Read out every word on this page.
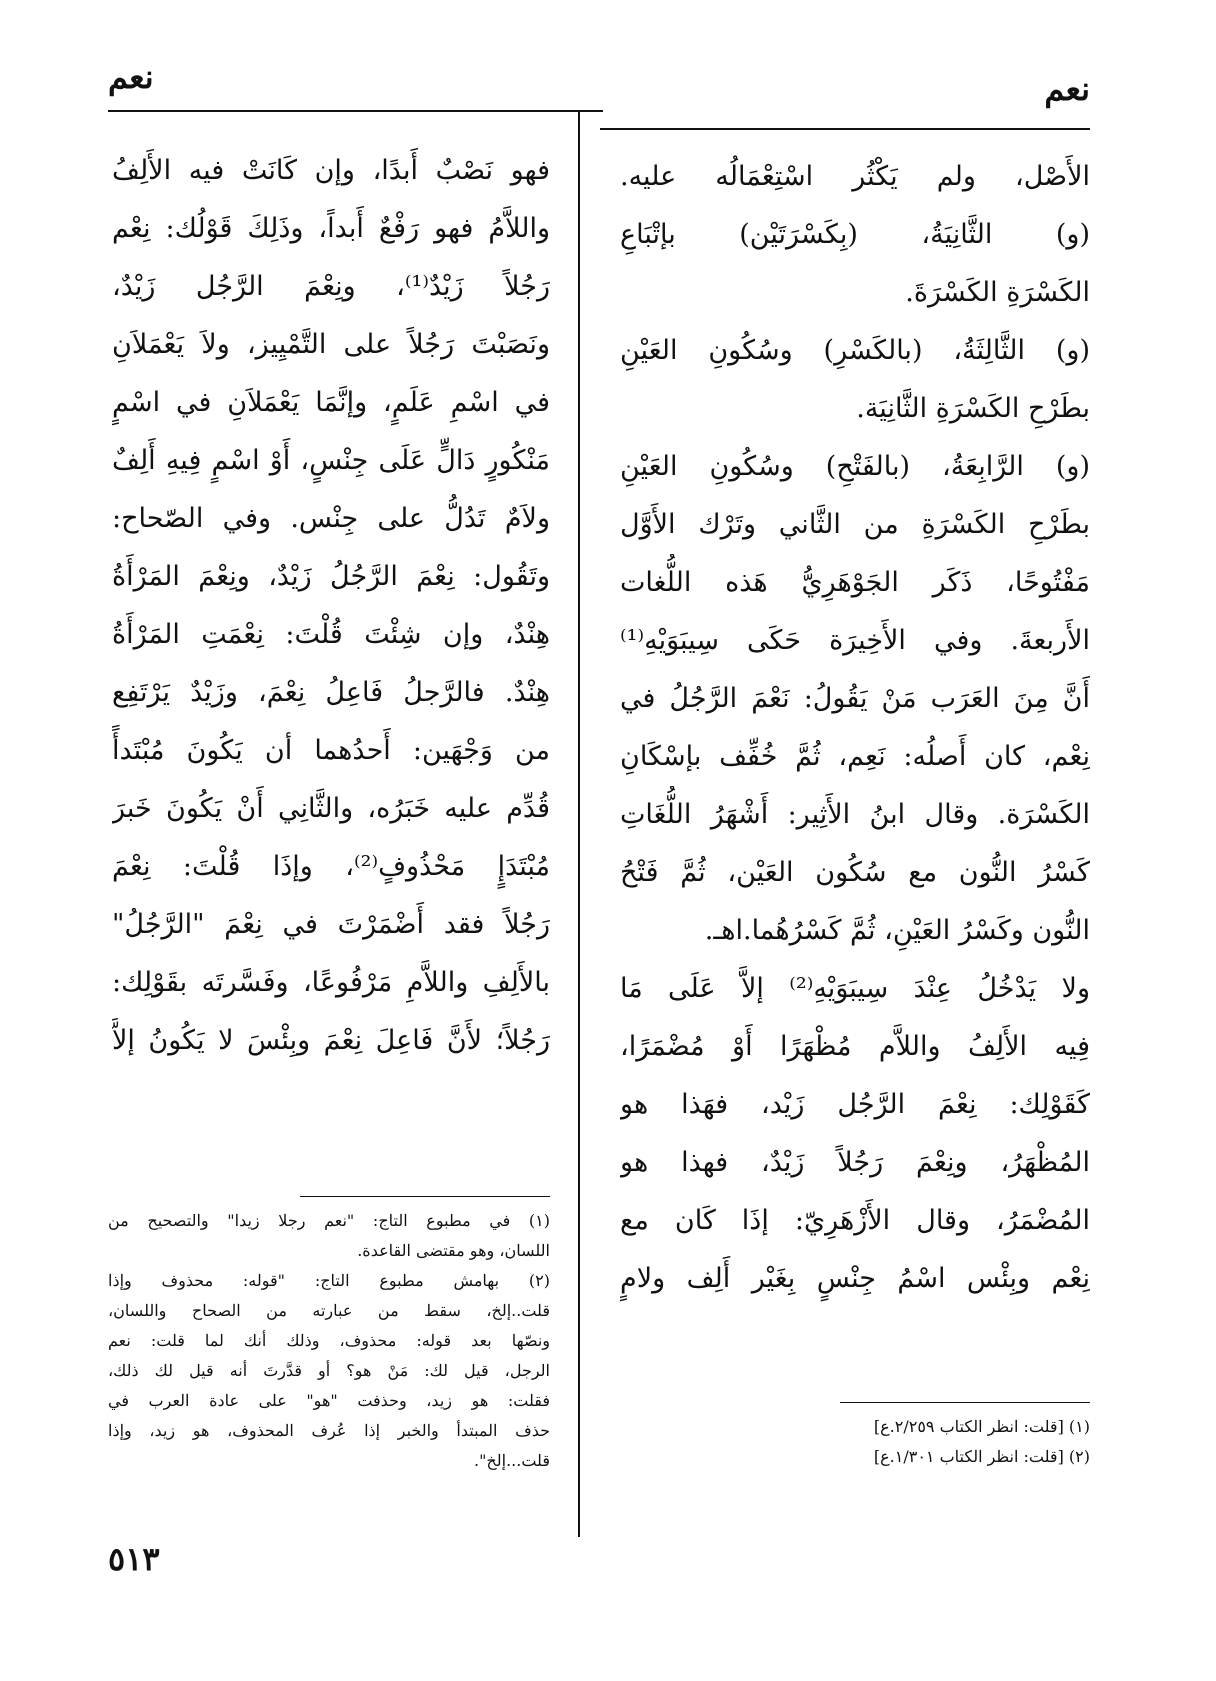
نعم
نعم
الأَصْل، ولم يَكْثُر اسْتِعْمَالُه عليه.
(و) الثَّانِيَةُ، (بِكَسْرَتَيْن) بإتْبَاعِ
الكَسْرَةِ الكَسْرَةَ.
(و) الثَّالِثَةُ، (بالكَسْرِ) وسُكُونِ العَيْنِ
بطَرْحِ الكَسْرَةِ الثَّانِيَة.
(و) الرَّابِعَةُ، (بالفَتْحِ) وسُكُونِ العَيْنِ
بطَرْحِ الكَسْرَةِ من الثَّاني وتَرْك الأَوَّل
مَفْتُوحًا، ذَكَر الجَوْهَرِيُّ هَذه اللُّغات
الأَربعةَ. وفي الأَخِيرَة حَكَى سِيبَوَيْهِ⁽¹⁾
أَنَّ مِنَ العَرَب مَنْ يَقُولُ: نَعْمَ الرَّجُلُ في
نِعْم، كان أَصلُه: نَعِم، ثُمَّ خُفِّف بإسْكَانِ
الكَسْرَة. وقال ابنُ الأَثِير: أَشْهَرُ اللُّغَاتِ
كَسْرُ النُّون مع سُكُون العَيْن، ثُمَّ فَتْحُ
النُّون وكَسْرُ العَيْنِ، ثُمَّ كَسْرُهُما.اهـ.
ولا يَدْخُلُ عِنْدَ سِيبَوَيْهِ⁽²⁾ إلاَّ عَلَى مَا
فِيه الأَلِفُ واللاَّم مُظْهَرًا أَوْ مُضْمَرًا،
كَقَوْلِك: نِعْمَ الرَّجُل زَيْد، فهَذا هو
المُظْهَرُ، ونِعْمَ رَجُلاً زَيْدٌ، فهذا هو
المُضْمَرُ، وقال الأَزْهَرِيّ: إذَا كَان مع
نِعْم وبِئْس اسْمُ جِنْسٍ بِغَيْر أَلِف ولامٍ
فهو نَصْبٌ أَبدًا، وإن كَانَتْ فيه الأَلِفُ
واللاَّمُ فهو رَفْعٌ أَبداً، وذَلِكَ قَوْلُك: نِعْم
رَجُلاً زَيْدٌ⁽¹⁾، ونِعْمَ الرَّجُل زَيْدٌ،
ونَصَبْتَ رَجُلاً على التَّمْيِيز، ولاَ يَعْمَلاَنِ
في اسْمِ عَلَمٍ، وإنَّمَا يَعْمَلاَنِ في اسْمٍ
مَنْكُورٍ دَالٍّ عَلَى جِنْسٍ، أَوْ اسْمٍ فِيهِ أَلِفٌ
ولاَمٌ تَدُلُّ على جِنْس. وفي الصّحاح:
وتَقُول: نِعْمَ الرَّجُلُ زَيْدٌ، ونِعْمَ المَرْأَةُ
هِنْدٌ، وإن شِئْتَ قُلْتَ: نِعْمَتِ المَرْأَةُ
هِنْدٌ. فالرَّجلُ فَاعِلُ نِعْمَ، وزَيْدٌ يَرْتَفِع
من وَجْهَين: أَحدُهما أن يَكُونَ مُبْتَدأً
قُدِّم عليه خَبَرُه، والثَّانِي أَنْ يَكُونَ خَبرَ
مُبْتَدَإٍ مَحْذُوفٍ⁽²⁾، وإذَا قُلْتَ: نِعْمَ
رَجُلاً فقد أَضْمَرْتَ في نِعْمَ "الرَّجُلُ"
بالأَلِفِ واللاَّمِ مَرْفُوعًا، وفَسَّرتَه بقَوْلِك:
رَجُلاً؛ لأَنَّ فَاعِلَ نِعْمَ وبِئْسَ لا يَكُونُ إلاَّ
(١) في مطبوع التاج: "نعم رجلا زيدا" والتصحيح من
اللسان، وهو مقتضى القاعدة.
(٢) بهامش مطبوع التاج: "قوله: محذوف وإذا
قلت..إلخ، سقط من عبارته من الصحاح واللسان،
ونصّها بعد قوله: محذوف، وذلك أنك لما قلت: نعم
الرجل، قيل لك: مَنْ هو؟ أو قدَّرتَ أنه قيل لك ذلك،
فقلت: هو زيد، وحذفت "هو" على عادة العرب في
حذف المبتدأ والخبر إذا عُرف المحذوف، هو زيد، وإذا
قلت...إلخ".
(١) [قلت: انظر الكتاب ٢/٢٥٩.ع]
(٢) [قلت: انظر الكتاب ١/٣٠١.ع]
٥١٣
